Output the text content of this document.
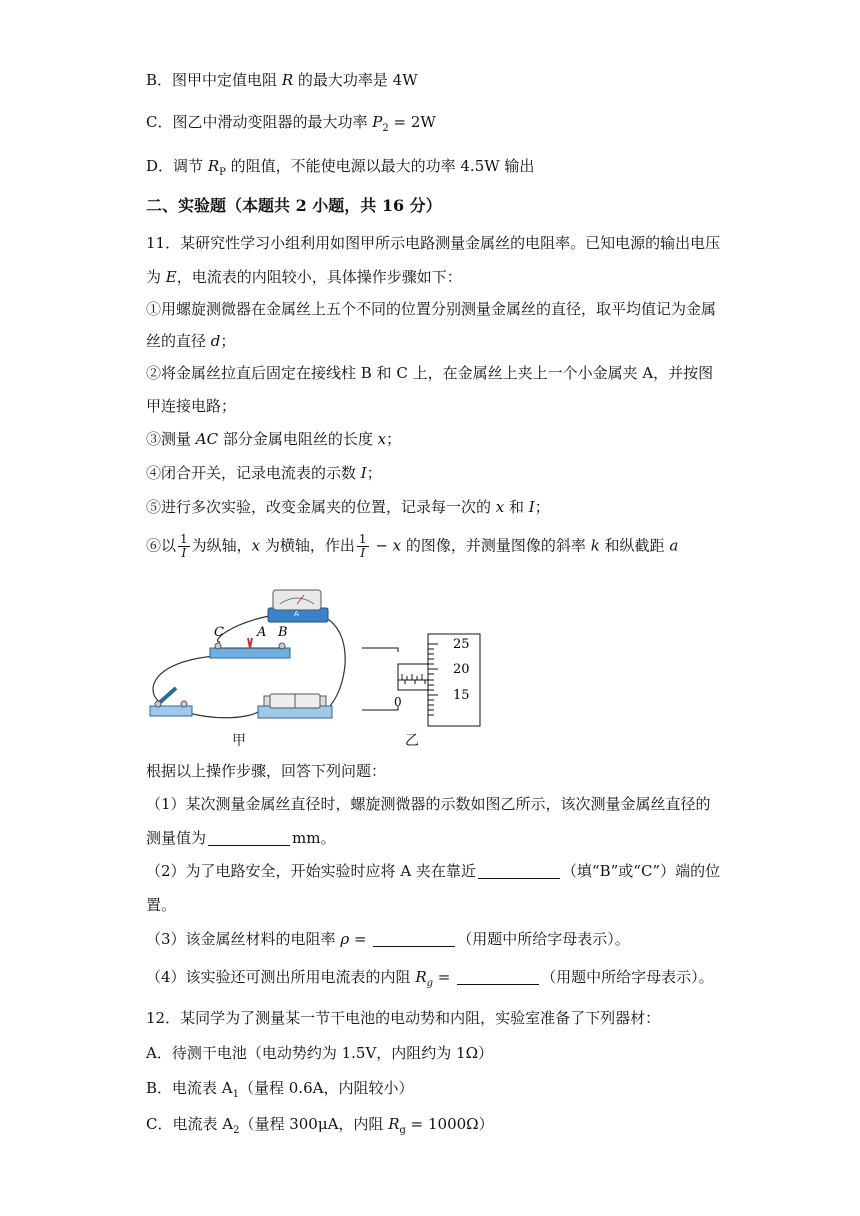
B．图甲中定值电阻 R 的最大功率是 4W
C．图乙中滑动变阻器的最大功率 $P_2 = 2W$
D．调节 $R_P$ 的阻值，不能使电源以最大的功率 4.5W 输出
二、实验题（本题共 2 小题，共 16 分）
11．某研究性学习小组利用如图甲所示电路测量金属丝的电阻率。已知电源的输出电压
为 E，电流表的内阻较小，具体操作步骤如下：
①用螺旋测微器在金属丝上五个不同的位置分别测量金属丝的直径，取平均值记为金属
丝的直径 d；
②将金属丝拉直后固定在接线柱 B 和 C 上，在金属丝上夹上一个小金属夹 A，并按图
甲连接电路；
③测量 AC 部分金属电阻丝的长度 x；
④闭合开关，记录电流表的示数 I；
⑤进行多次实验，改变金属夹的位置，记录每一次的 x 和 I；
⑥以 $\frac{1}{I}$ 为纵轴，x 为横轴，作出 $\frac{1}{I} - x$ 的图像，并测量图像的斜率 k 和纵截距 a
A
C	A B
0
25
20
15
甲	乙
根据以上操作步骤，回答下列问题：
（1）某次测量金属丝直径时，螺旋测微器的示数如图乙所示，该次测量金属丝直径的
测量值为	mm。
（2）为了电路安全，开始实验时应将 A 夹在靠近	（填“B”或“C”）端的位
置。
（3）该金属丝材料的电阻率 ρ =	（用题中所给字母表示）。
（4）该实验还可测出所用电流表的内阻 $R_g$ =	（用题中所给字母表示）。
12．某同学为了测量某一节干电池的电动势和内阻，实验室准备了下列器材：
A．待测干电池（电动势约为 1.5V，内阻约为 1Ω）
B．电流表 $A_1$（量程 0.6A，内阻较小）
C．电流表 $A_2$（量程 300μA，内阻 $R_g = 1000\Omega$）
